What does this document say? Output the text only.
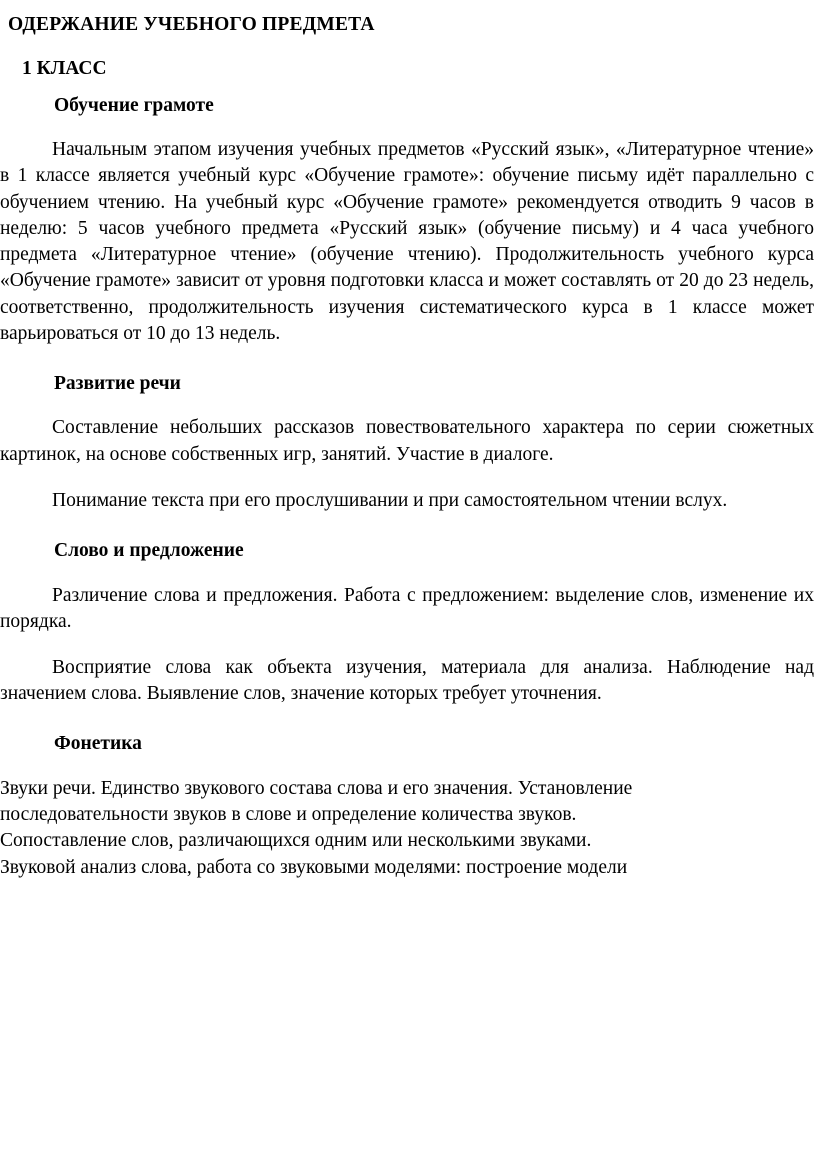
ОДЕРЖАНИЕ УЧЕБНОГО ПРЕДМЕТА
1 КЛАСС
Обучение грамоте

Начальным этапом изучения учебных предметов «Русский язык», «Литературное чтение» в 1 классе является учебный курс «Обучение грамоте»: обучение письму идёт параллельно с обучением чтению. На учебный курс «Обучение грамоте» рекомендуется отводить 9 часов в неделю: 5 часов учебного предмета «Русский язык» (обучение письму) и 4 часа учебного предмета «Литературное чтение» (обучение чтению). Продолжительность учебного курса «Обучение грамоте» зависит от уровня подготовки класса и может составлять от 20 до 23 недель, соответственно, продолжительность изучения систематического курса в 1 классе может варьироваться от 10 до 13 недель.

Развитие речи

Составление небольших рассказов повествовательного характера по серии сюжетных картинок, на основе собственных игр, занятий. Участие в диалоге.

Понимание текста при его прослушивании и при самостоятельном чтении вслух.

Слово и предложение

Различение слова и предложения. Работа с предложением: выделение слов, изменение их порядка.

Восприятие слова как объекта изучения, материала для анализа. Наблюдение над значением слова. Выявление слов, значение которых требует уточнения.

Фонетика

Звуки речи. Единство звукового состава слова и его значения. Установление

последовательности звуков в слове и определение количества звуков.

Сопоставление слов, различающихся одним или несколькими звуками.

Звуковой анализ слова, работа со звуковыми моделями: построение модели
